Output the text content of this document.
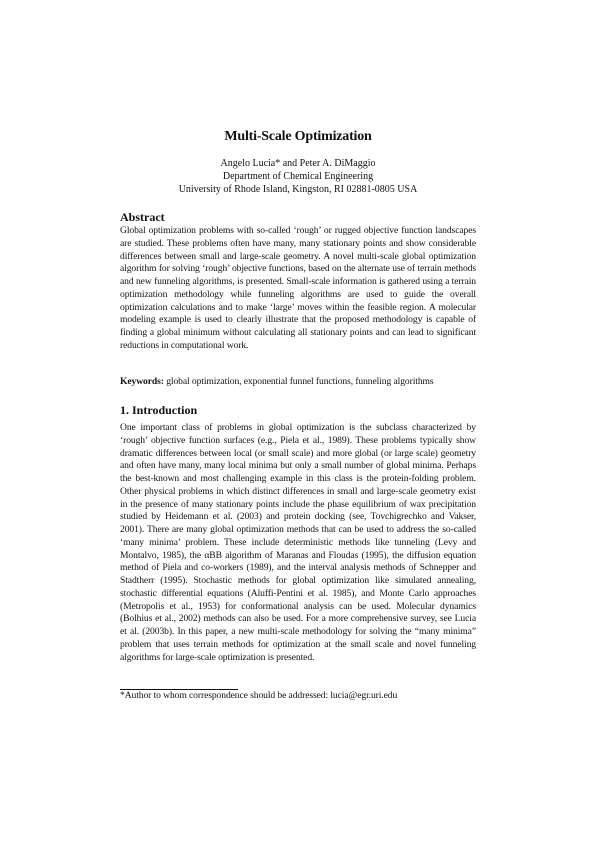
Multi-Scale Optimization
Angelo Lucia* and Peter A. DiMaggio
Department of Chemical Engineering
University of Rhode Island, Kingston, RI 02881-0805 USA
Abstract
Global optimization problems with so-called ‘rough’ or rugged objective function landscapes are studied. These problems often have many, many stationary points and show considerable differences between small and large-scale geometry. A novel multi-scale global optimization algorithm for solving ‘rough’ objective functions, based on the alternate use of terrain methods and new funneling algorithms, is presented. Small-scale information is gathered using a terrain optimization methodology while funneling algorithms are used to guide the overall optimization calculations and to make ‘large’ moves within the feasible region. A molecular modeling example is used to clearly illustrate that the proposed methodology is capable of finding a global minimum without calculating all stationary points and can lead to significant reductions in computational work.
Keywords: global optimization, exponential funnel functions, funneling algorithms
1. Introduction
One important class of problems in global optimization is the subclass characterized by ‘rough’ objective function surfaces (e.g., Piela et al., 1989). These problems typically show dramatic differences between local (or small scale) and more global (or large scale) geometry and often have many, many local minima but only a small number of global minima. Perhaps the best-known and most challenging example in this class is the protein-folding problem. Other physical problems in which distinct differences in small and large-scale geometry exist in the presence of many stationary points include the phase equilibrium of wax precipitation studied by Heidemann et al. (2003) and protein docking (see, Tovchigrechko and Vakser, 2001). There are many global optimization methods that can be used to address the so-called ‘many minima’ problem. These include deterministic methods like tunneling (Levy and Montalvo, 1985), the αBB algorithm of Maranas and Floudas (1995), the diffusion equation method of Piela and co-workers (1989), and the interval analysis methods of Schnepper and Stadtherr (1995). Stochastic methods for global optimization like simulated annealing, stochastic differential equations (Aluffi-Pentini et al. 1985), and Monte Carlo approaches (Metropolis et al., 1953) for conformational analysis can be used. Molecular dynamics (Bolhius et al., 2002) methods can also be used. For a more comprehensive survey, see Lucia et al. (2003b). In this paper, a new multi-scale methodology for solving the “many minima” problem that uses terrain methods for optimization at the small scale and novel funneling algorithms for large-scale optimization is presented.
*Author to whom correspondence should be addressed: lucia@egr.uri.edu
